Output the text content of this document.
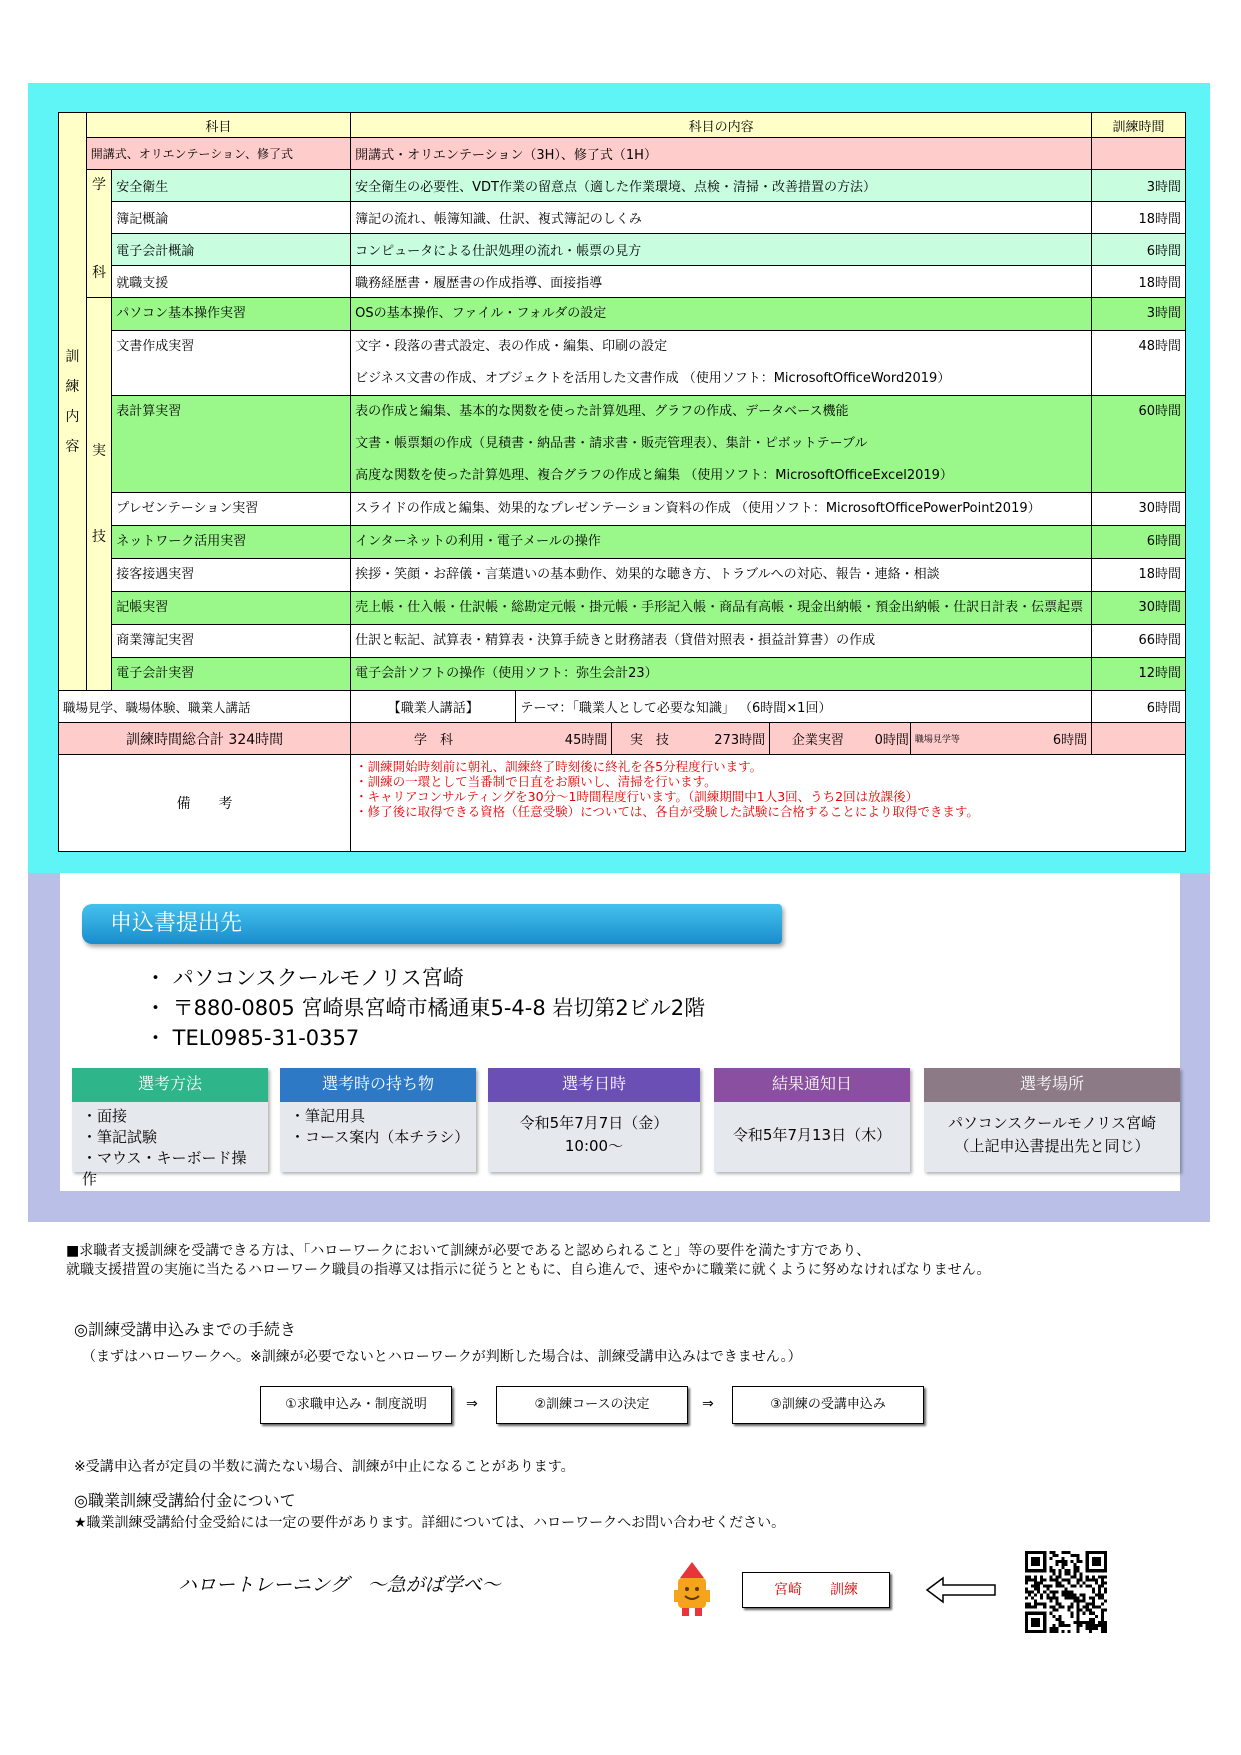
訓
練
内
容	科目		科目の内容								訓練時間
	開講式、オリエンテーション、修了式		開講式・オリエンテーション（3H）、修了式（1H）								

	学
科	安全衛生	安全衛生の必要性、VDT作業の留意点（適した作業環境、点検・清掃・改善措置の方法）								3時間
		簿記概論	簿記の流れ、帳簿知識、仕訳、複式簿記のしくみ								18時間
		電子会計概論	コンピュータによる仕訳処理の流れ・帳票の見方								6時間
		就職支援	職務経歴書・履歴書の作成指導、面接指導								18時間

	実
技	パソコン基本操作実習	OSの基本操作、ファイル・フォルダの設定								3時間
		文書作成実習	文字・段落の書式設定、表の作成・編集、印刷の設定
ビジネス文書の作成、オブジェクトを活用した文書作成 （使用ソフト：MicrosoftOfficeWord2019）								48時間
		表計算実習	表の作成と編集、基本的な関数を使った計算処理、グラフの作成、データベース機能
文書・帳票類の作成（見積書・納品書・請求書・販売管理表）、集計・ピボットテーブル
高度な関数を使った計算処理、複合グラフの作成と編集 （使用ソフト：MicrosoftOfficeExcel2019）								60時間
		プレゼンテーション実習	スライドの作成と編集、効果的なプレゼンテーション資料の作成 （使用ソフト：MicrosoftOfficePowerPoint2019）								30時間
		ネットワーク活用実習	インターネットの利用・電子メールの操作								6時間
		接客接遇実習	挨拶・笑顔・お辞儀・言葉遣いの基本動作、効果的な聴き方、トラブルへの対応、報告・連絡・相談								18時間
		記帳実習	売上帳・仕入帳・仕訳帳・総勘定元帳・掛元帳・手形記入帳・商品有高帳・現金出納帳・預金出納帳・仕訳日計表・伝票起票								30時間
		商業簿記実習	仕訳と転記、試算表・精算表・決算手続きと財務諸表（貸借対照表・損益計算書）の作成								66時間
		電子会計実習	電子会計ソフトの操作（使用ソフト：弥生会計23）								12時間
職場見学、職場体験、職業人講話			【職業人講話】	テーマ：「職業人として必要な知識」 （6時間×1回）							6時間
訓練時間総合計 324時間			学　科	45時間	実　技	273時間	企業実習	0時間	職場見学等	6時間	
備　　考			・訓練開始時刻前に朝礼、訓練終了時刻後に終礼を各5分程度行います。
・訓練の一環として当番制で日直をお願いし、清掃を行います。
・キャリアコンサルティングを30分～1時間程度行います。（訓練期間中1人3回、うち2回は放課後）
・修了後に取得できる資格（任意受験）については、各自が受験した試験に合格することにより取得できます。								
申込書提出先
・ パソコンスクールモノリス宮崎
・ 〒880-0805 宮崎県宮崎市橘通東5-4-8 岩切第2ビル2階
・ TEL0985-31-0357
選考方法
・面接
・筆記試験
・マウス・キーボード操作
選考時の持ち物
・筆記用具
・コース案内（本チラシ）
選考日時
令和5年7月7日（金）
10:00～
結果通知日
令和5年7月13日（木）
選考場所
パソコンスクールモノリス宮崎
（上記申込書提出先と同じ）
■求職者支援訓練を受講できる方は、「ハローワークにおいて訓練が必要であると認められること」等の要件を満たす方であり、
就職支援措置の実施に当たるハローワーク職員の指導又は指示に従うとともに、自ら進んで、速やかに職業に就くように努めなければなりません。
◎訓練受講申込みまでの手続き
（まずはハローワークへ。※訓練が必要でないとハローワークが判断した場合は、訓練受講申込みはできません。）
①求職申込み・制度説明	⇒	②訓練コースの決定	⇒	③訓練の受講申込み
※受講申込者が定員の半数に満たない場合、訓練が中止になることがあります。
◎職業訓練受講給付金について
★職業訓練受講給付金受給には一定の要件があります。詳細については、ハローワークへお問い合わせください。
ハロートレーニング　～急がば学べ～	宮崎　　訓練
